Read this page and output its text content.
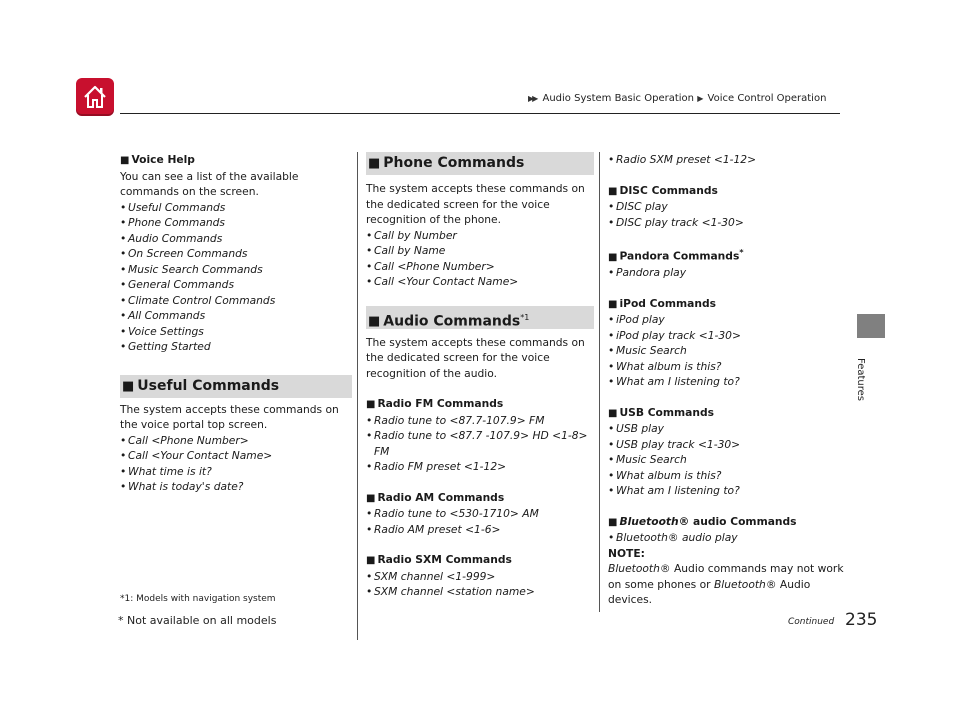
▶▶ Audio System Basic Operation ▶ Voice Control Operation
Features

■ Voice Help

You can see a list of the available commands on the screen.

• Useful Commands
• Phone Commands
• Audio Commands
• On Screen Commands
• Music Search Commands
• General Commands
• Climate Control Commands
• All Commands
• Voice Settings
• Getting Started

■ Useful Commands

The system accepts these commands on the voice portal top screen.

• Call <Phone Number>
• Call <Your Contact Name>
• What time is it?
• What is today's date?
*1: Models with navigation system

■ Phone Commands

The system accepts these commands on the dedicated screen for the voice recognition of the phone.

• Call by Number
• Call by Name
• Call <Phone Number>
• Call <Your Contact Name>

■ Audio Commands$^{*1}$

The system accepts these commands on the dedicated screen for the voice recognition of the audio.

■ Radio FM Commands

• Radio tune to <87.7-107.9> FM
• Radio tune to <87.7 -107.9> HD <1-8> FM
• Radio FM preset <1-12>

■ Radio AM Commands

• Radio tune to <530-1710> AM
• Radio AM preset <1-6>

■ Radio SXM Commands

• SXM channel <1-999>
• SXM channel <station name>
• Radio SXM preset <1-12>

■ DISC Commands

• DISC play
• DISC play track <1-30>

■ Pandora Commands*

• Pandora play

■ iPod Commands

• iPod play
• iPod play track <1-30>
• Music Search
• What album is this?
• What am I listening to?

■ USB Commands

• USB play
• USB play track <1-30>
• Music Search
• What album is this?
• What am I listening to?

■ Bluetooth® audio Commands

• Bluetooth® audio play

NOTE:

Bluetooth® Audio commands may not work on some phones or Bluetooth® Audio devices.

* Not available on all models	Continued 235
